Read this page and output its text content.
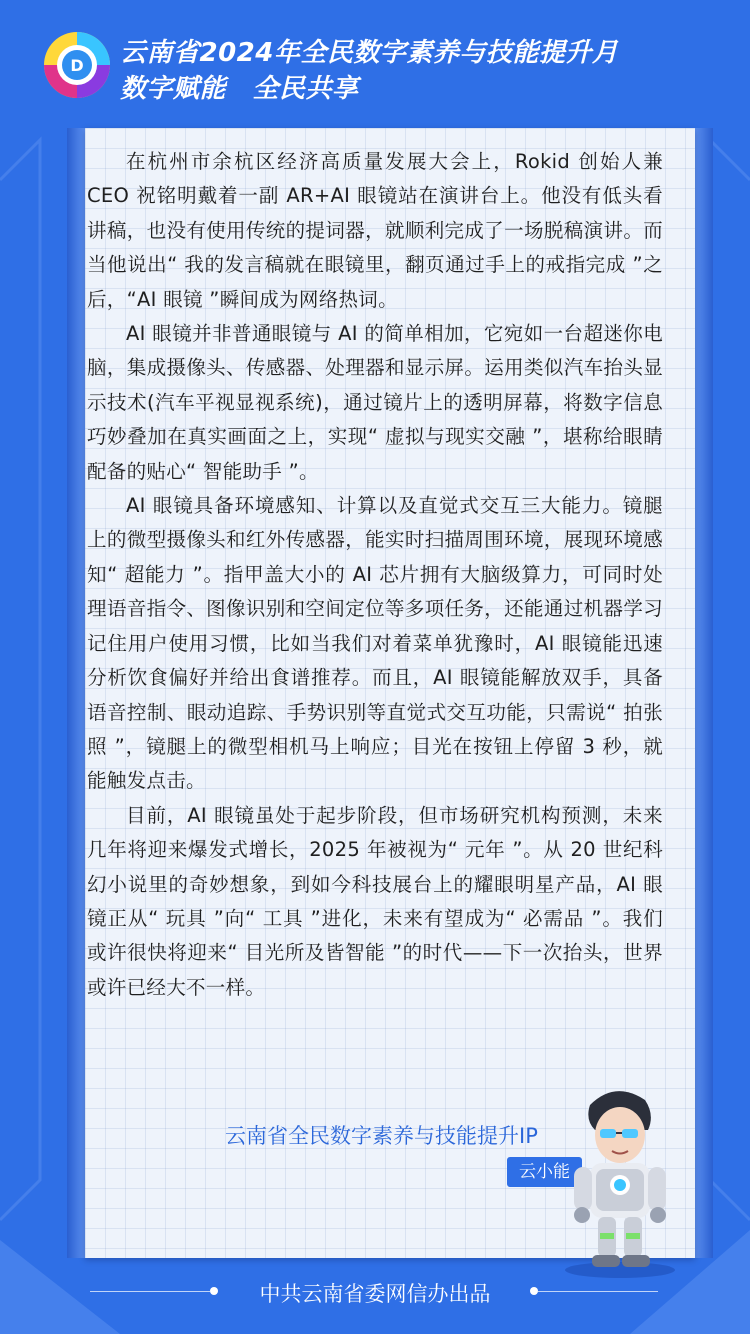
D 云南省2024年全民数字素养与技能提升月
数字赋能　全民共享

在杭州市余杭区经济高质量发展大会上，Rokid 创始人兼 CEO 祝铭明戴着一副 AR+AI 眼镜站在演讲台上。他没有低头看讲稿，也没有使用传统的提词器，就顺利完成了一场脱稿演讲。而当他说出“ 我的发言稿就在眼镜里，翻页通过手上的戒指完成 ”之后，“AI 眼镜 ”瞬间成为网络热词。

AI 眼镜并非普通眼镜与 AI 的简单相加，它宛如一台超迷你电脑，集成摄像头、传感器、处理器和显示屏。运用类似汽车抬头显示技术(汽车平视显视系统)，通过镜片上的透明屏幕，将数字信息巧妙叠加在真实画面之上，实现“ 虚拟与现实交融 ”，堪称给眼睛配备的贴心“ 智能助手 ”。

AI 眼镜具备环境感知、计算以及直觉式交互三大能力。镜腿上的微型摄像头和红外传感器，能实时扫描周围环境，展现环境感知“ 超能力 ”。指甲盖大小的 AI 芯片拥有大脑级算力，可同时处理语音指令、图像识别和空间定位等多项任务，还能通过机器学习记住用户使用习惯，比如当我们对着菜单犹豫时，AI 眼镜能迅速分析饮食偏好并给出食谱推荐。而且，AI 眼镜能解放双手，具备语音控制、眼动追踪、手势识别等直觉式交互功能，只需说“ 拍张照 ”，镜腿上的微型相机马上响应；目光在按钮上停留 3 秒，就能触发点击。

目前，AI 眼镜虽处于起步阶段，但市场研究机构预测，未来几年将迎来爆发式增长，2025 年被视为“ 元年 ”。从 20 世纪科幻小说里的奇妙想象，到如今科技展台上的耀眼明星产品，AI 眼镜正从“ 玩具 ”向“ 工具 ”进化，未来有望成为“ 必需品 ”。我们或许很快将迎来“ 目光所及皆智能 ”的时代——下一次抬头，世界或许已经大不一样。

云南省全民数字素养与技能提升IP
云小能
中共云南省委网信办出品
